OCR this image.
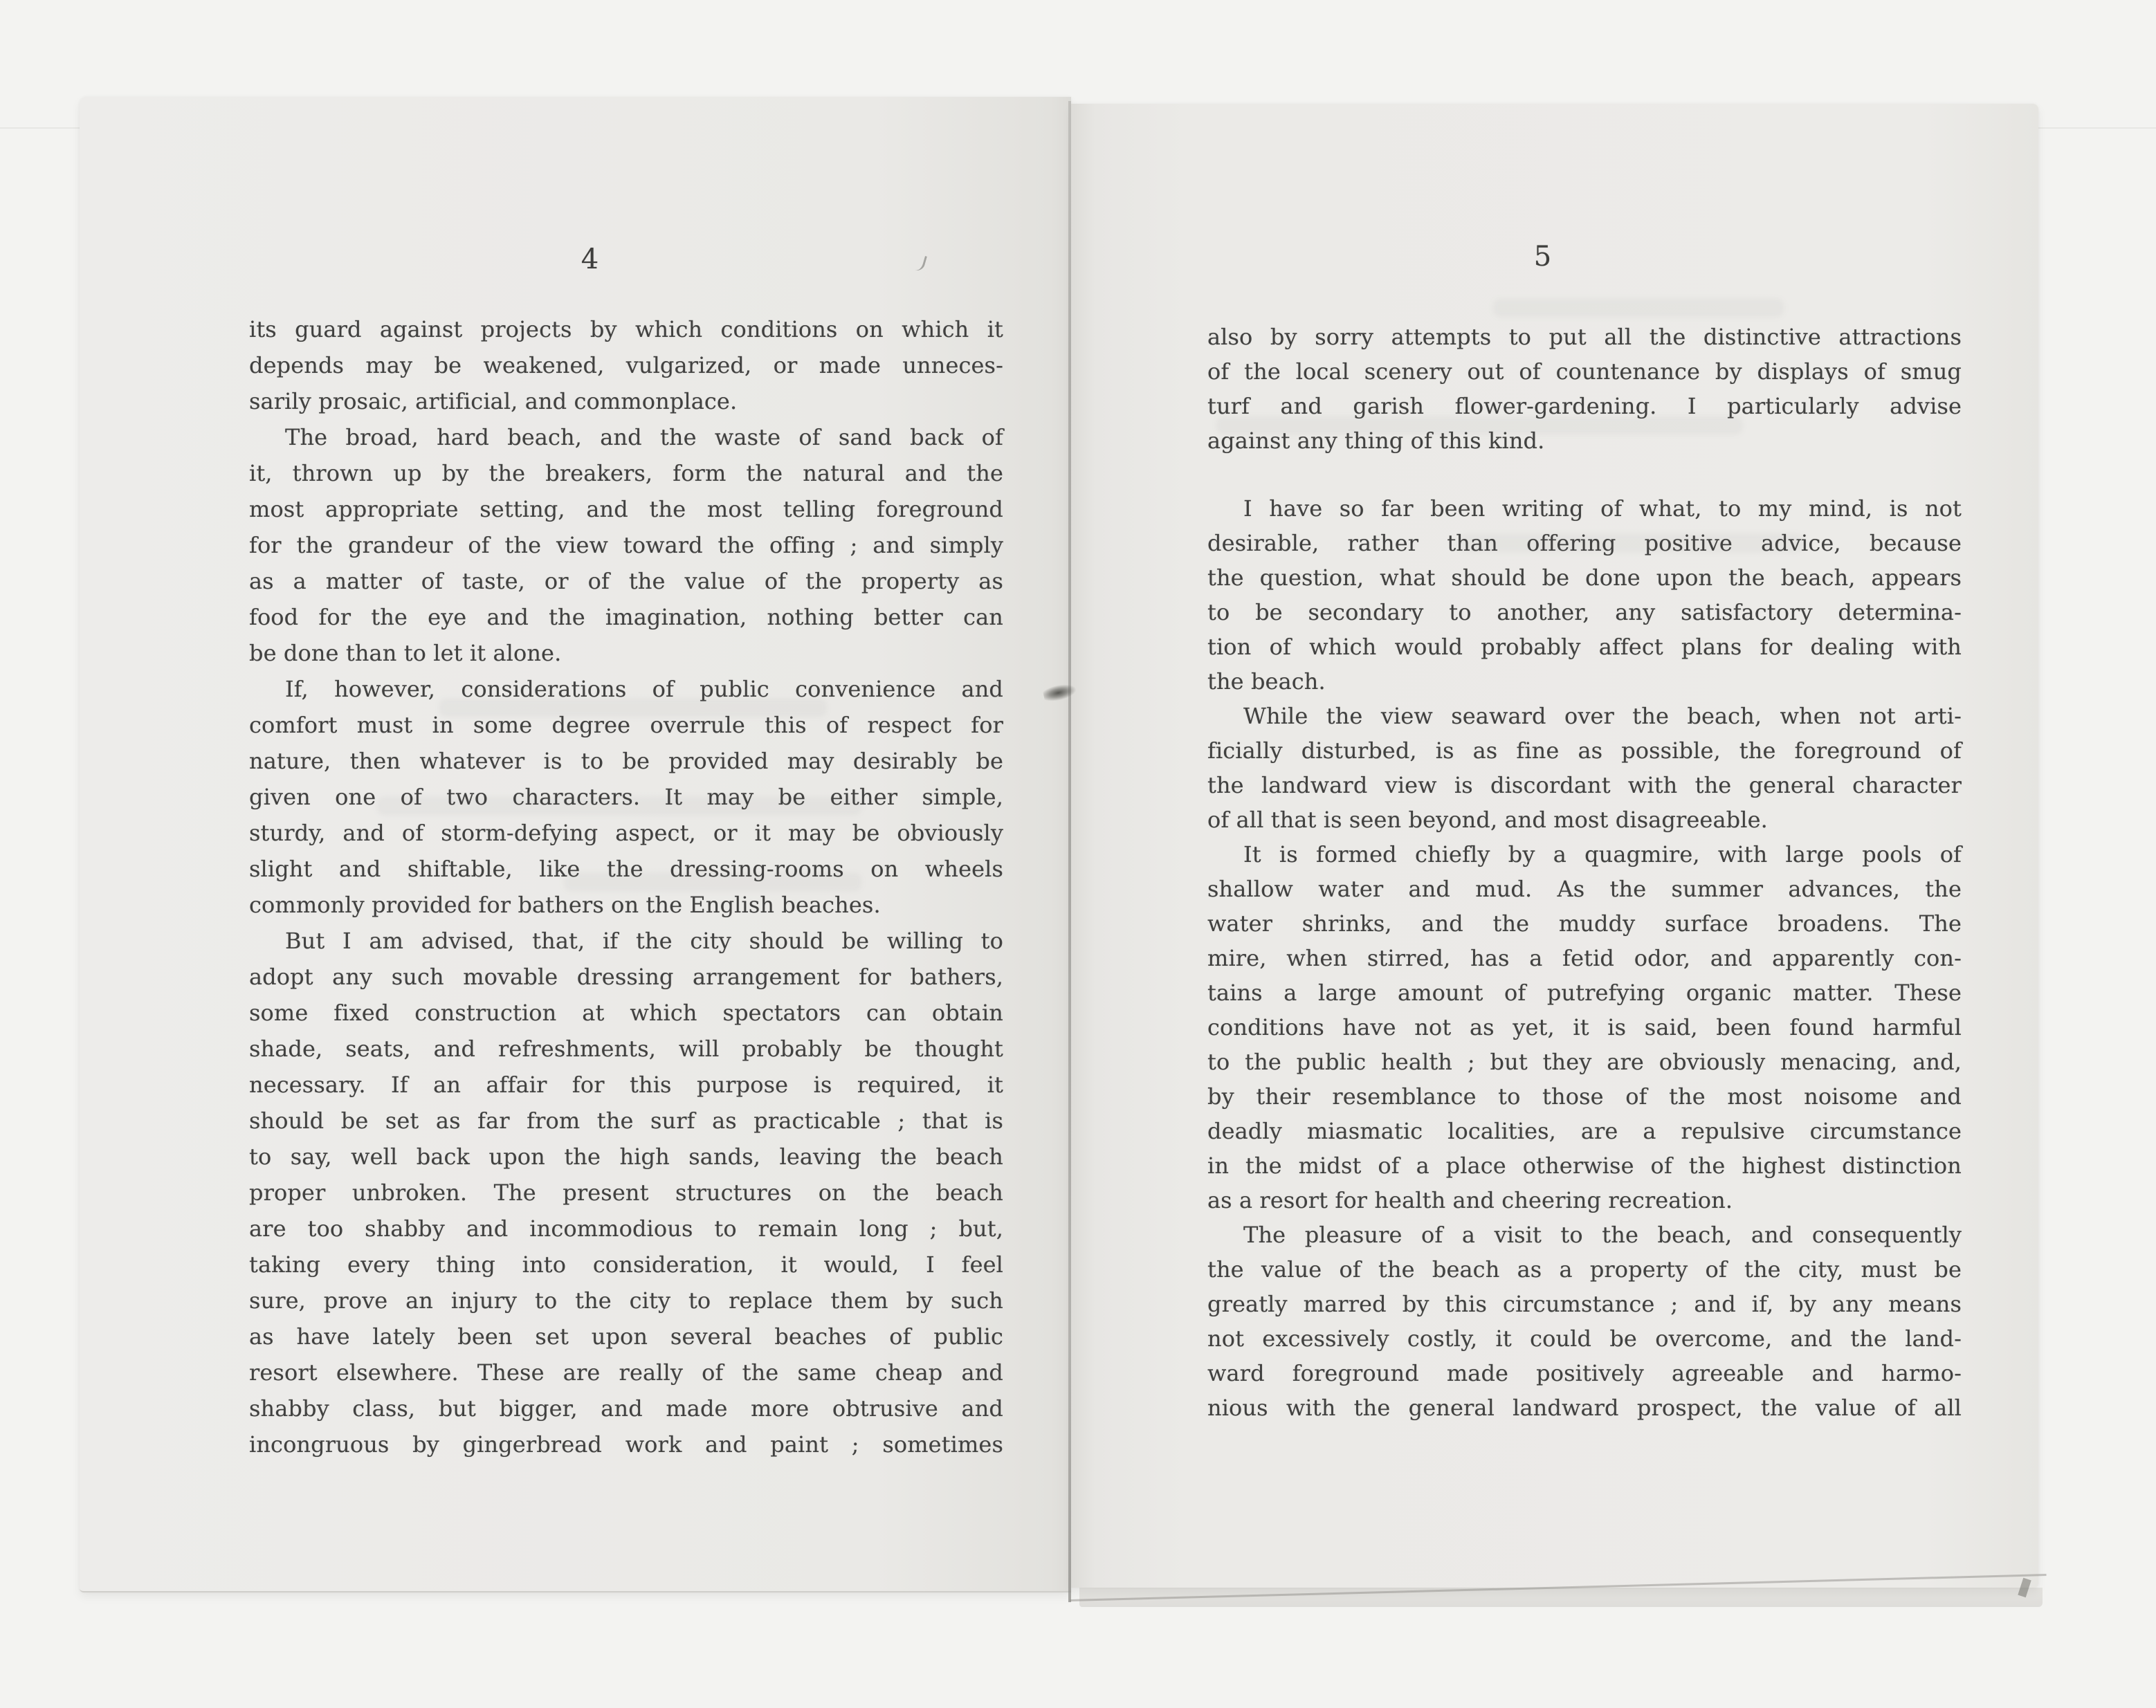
4
its guard against projects by which conditions on which it
depends may be weakened, vulgarized, or made unneces-
sarily prosaic, artificial, and commonplace.
The broad, hard beach, and the waste of sand back of
it, thrown up by the breakers, form the natural and the
most appropriate setting, and the most telling foreground
for the grandeur of the view toward the offing ; and simply
as a matter of taste, or of the value of the property as
food for the eye and the imagination, nothing better can
be done than to let it alone.
If, however, considerations of public convenience and
comfort must in some degree overrule this of respect for
nature, then whatever is to be provided may desirably be
given one of two characters. It may be either simple,
sturdy, and of storm-defying aspect, or it may be obviously
slight and shiftable, like the dressing-rooms on wheels
commonly provided for bathers on the English beaches.
But I am advised, that, if the city should be willing to
adopt any such movable dressing arrangement for bathers,
some fixed construction at which spectators can obtain
shade, seats, and refreshments, will probably be thought
necessary. If an affair for this purpose is required, it
should be set as far from the surf as practicable ; that is
to say, well back upon the high sands, leaving the beach
proper unbroken. The present structures on the beach
are too shabby and incommodious to remain long ; but,
taking every thing into consideration, it would, I feel
sure, prove an injury to the city to replace them by such
as have lately been set upon several beaches of public
resort elsewhere. These are really of the same cheap and
shabby class, but bigger, and made more obtrusive and
incongruous by gingerbread work and paint ; sometimes
5
also by sorry attempts to put all the distinctive attractions
of the local scenery out of countenance by displays of smug
turf and garish flower-gardening. I particularly advise
against any thing of this kind.
I have so far been writing of what, to my mind, is not
desirable, rather than offering positive advice, because
the question, what should be done upon the beach, appears
to be secondary to another, any satisfactory determina-
tion of which would probably affect plans for dealing with
the beach.
While the view seaward over the beach, when not arti-
ficially disturbed, is as fine as possible, the foreground of
the landward view is discordant with the general character
of all that is seen beyond, and most disagreeable.
It is formed chiefly by a quagmire, with large pools of
shallow water and mud. As the summer advances, the
water shrinks, and the muddy surface broadens. The
mire, when stirred, has a fetid odor, and apparently con-
tains a large amount of putrefying organic matter. These
conditions have not as yet, it is said, been found harmful
to the public health ; but they are obviously menacing, and,
by their resemblance to those of the most noisome and
deadly miasmatic localities, are a repulsive circumstance
in the midst of a place otherwise of the highest distinction
as a resort for health and cheering recreation.
The pleasure of a visit to the beach, and consequently
the value of the beach as a property of the city, must be
greatly marred by this circumstance ; and if, by any means
not excessively costly, it could be overcome, and the land-
ward foreground made positively agreeable and harmo-
nious with the general landward prospect, the value of all
